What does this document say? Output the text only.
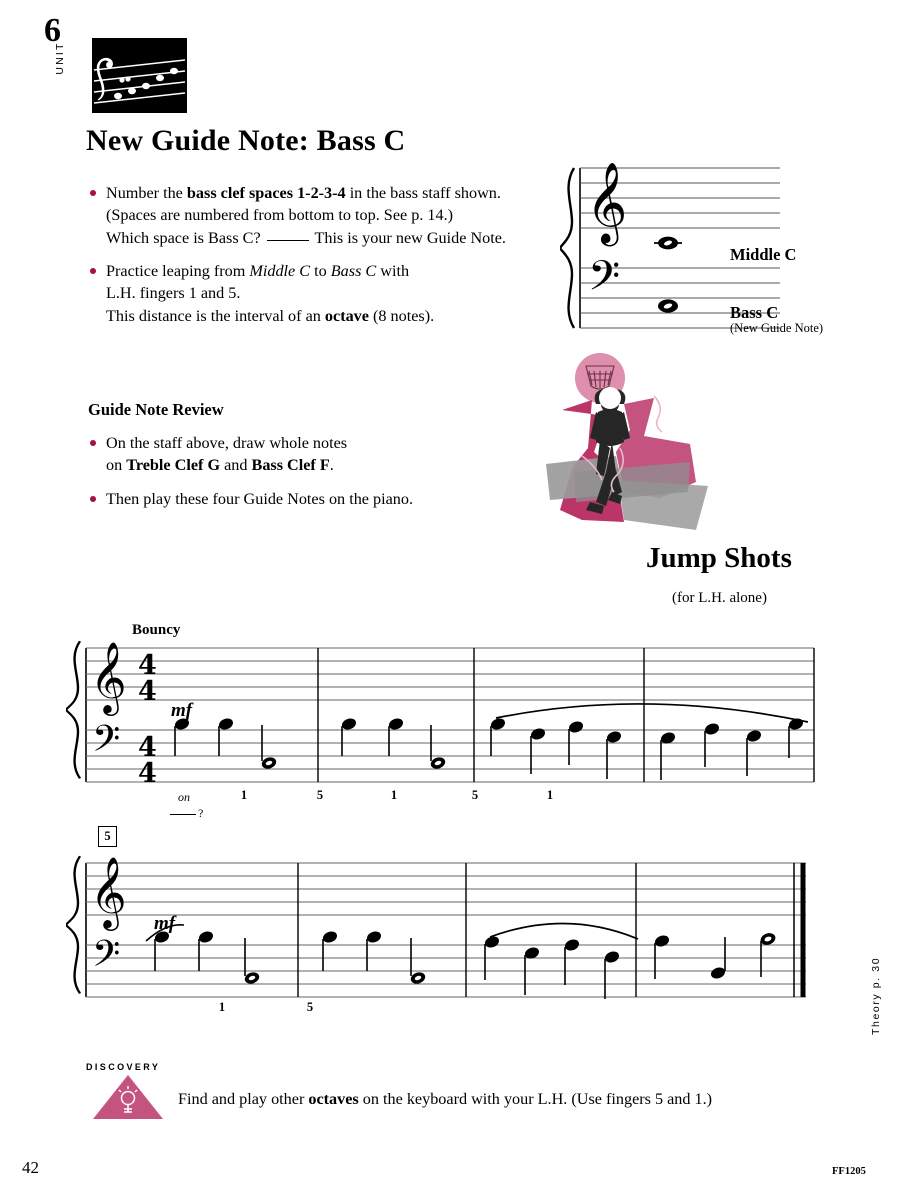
6
UNIT
New Guide Note: Bass C
Number the bass clef spaces 1-2-3-4 in the bass staff shown.
(Spaces are numbered from bottom to top. See p. 14.)
Which space is Bass C?	This is your new Guide Note.
Practice leaping from Middle C to Bass C with
L.H. fingers 1 and 5.
This distance is the interval of an octave (8 notes).
𝄞
𝄢	Middle C
Bass C
(New Guide Note)
Guide Note Review
On the staff above, draw whole notes
on Treble Clef G and Bass Clef F.
Then play these four Guide Notes on the piano.
Jump Shots
(for L.H. alone)
𝄞
𝄢
4
4
4
4
Bouncy
mf
1	5	1	5	1
on
?
5
𝄞
𝄢
mf
1	5	Theory p. 30
DISCOVERY
Find and play other octaves on the keyboard with your L.H. (Use fingers 5 and 1.)
42	FF1205
